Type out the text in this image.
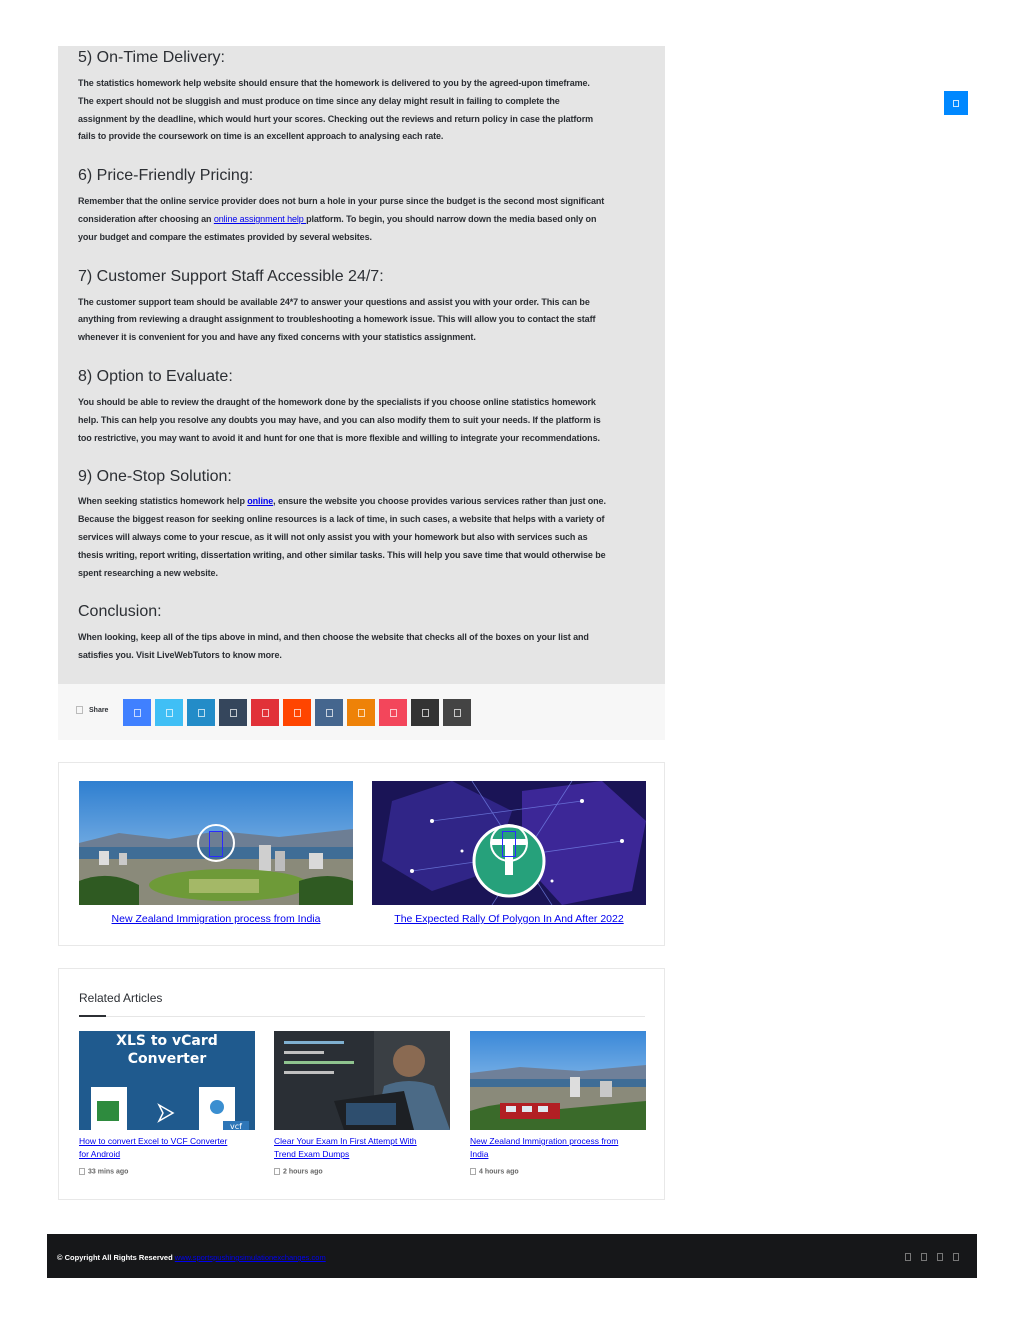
5) On-Time Delivery:

The statistics homework help website should ensure that the homework is delivered to you by the agreed-upon timeframe.

The expert should not be sluggish and must produce on time since any delay might result in failing to complete the

assignment by the deadline, which would hurt your scores. Checking out the reviews and return policy in case the platform

fails to provide the coursework on time is an excellent approach to analysing each rate.

6) Price-Friendly Pricing:

Remember that the online service provider does not burn a hole in your purse since the budget is the second most significant

consideration after choosing an online assignment help platform. To begin, you should narrow down the media based only on

your budget and compare the estimates provided by several websites.

7) Customer Support Staff Accessible 24/7:

The customer support team should be available 24*7 to answer your questions and assist you with your order. This can be

anything from reviewing a draught assignment to troubleshooting a homework issue. This will allow you to contact the staff

whenever it is convenient for you and have any fixed concerns with your statistics assignment.

8) Option to Evaluate:

You should be able to review the draught of the homework done by the specialists if you choose online statistics homework

help. This can help you resolve any doubts you may have, and you can also modify them to suit your needs. If the platform is

too restrictive, you may want to avoid it and hunt for one that is more flexible and willing to integrate your recommendations.

9) One-Stop Solution:

When seeking statistics homework help online, ensure the website you choose provides various services rather than just one.

Because the biggest reason for seeking online resources is a lack of time, in such cases, a website that helps with a variety of

services will always come to your rescue, as it will not only assist you with your homework but also with services such as

thesis writing, report writing, dissertation writing, and other similar tasks. This will help you save time that would otherwise be

spent researching a new website.

Conclusion:

When looking, keep all of the tips above in mind, and then choose the website that checks all of the boxes on your list and

satisfies you. Visit LiveWebTutors to know more.

Share
New Zealand Immigration process from India	The Expected Rally Of Polygon In And After 2022
Related Articles
XLS to vCard
Converter
vcf
How to convert Excel to VCF Converter
for Android
33 mins ago
Clear Your Exam In First Attempt With
Trend Exam Dumps
2 hours ago
New Zealand Immigration process from
India
4 hours ago
© Copyright All Rights Reserved www.sportspushingsimulationexchanges.com
